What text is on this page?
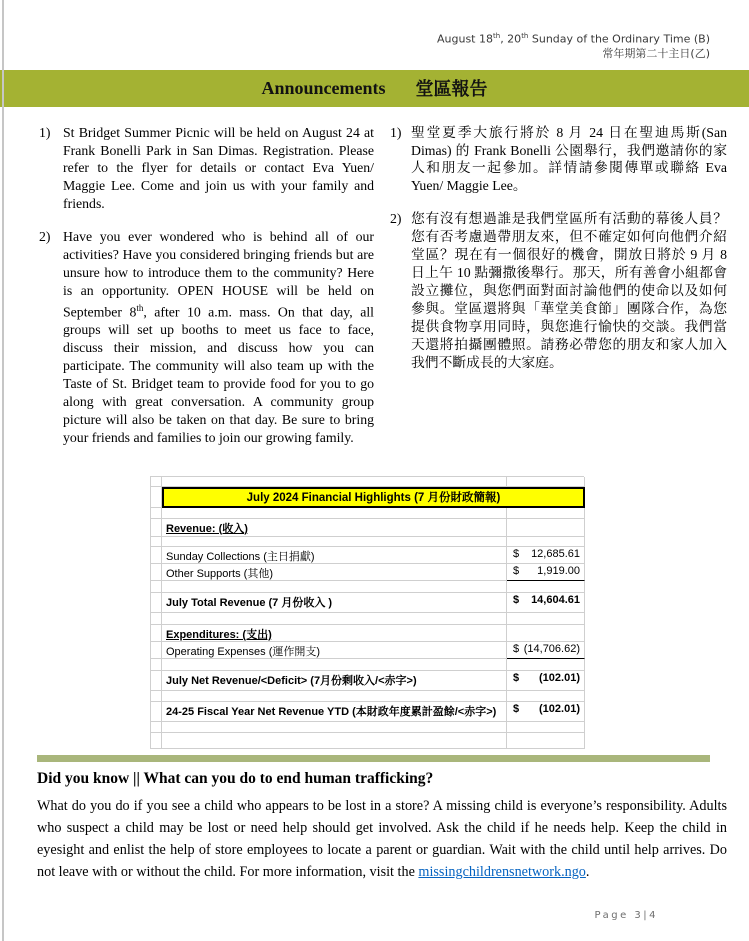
August 18th, 20th Sunday of the Ordinary Time (B)
常年期第二十主日(乙)
Announcements 堂區報告
1) St Bridget Summer Picnic will be held on August 24 at Frank Bonelli Park in San Dimas. Registration. Please refer to the flyer for details or contact Eva Yuen/ Maggie Lee. Come and join us with your family and friends.

2) Have you ever wondered who is behind all of our activities? Have you considered bringing friends but are unsure how to introduce them to the community? Here is an opportunity. OPEN HOUSE will be held on September 8th, after 10 a.m. mass. On that day, all groups will set up booths to meet us face to face, discuss their mission, and discuss how you can participate. The community will also team up with the Taste of St. Bridget team to provide food for you to go along with great conversation. A community group picture will also be taken on that day. Be sure to bring your friends and families to join our growing family.

1) 聖堂夏季大旅行將於 8 月 24 日在聖迪馬斯(San Dimas) 的 Frank Bonelli 公園舉行，我們邀請你的家人和朋友一起參加。詳情請參閱傳單或聯絡 Eva Yuen/ Maggie Lee。

2) 您有沒有想過誰是我們堂區所有活動的幕後人員？您有否考慮過帶朋友來，但不確定如何向他們介紹堂區？現在有一個很好的機會，開放日將於 9 月 8 日上午 10 點彌撒後舉行。那天，所有善會小組都會設立攤位，與您們面對面討論他們的使命以及如何參與。堂區還將與「華堂美食節」團隊合作，為您提供食物享用同時，與您進行愉快的交談。我們當天還將拍攝團體照。請務必帶您的朋友和家人加入我們不斷成長的大家庭。

July 2024 Financial Highlights (7 月份財政簡報)
Revenue: (收入)
Sunday Collections (主日捐獻)	$ 12,685.61
Other Supports (其他)	$ 1,919.00
July Total Revenue (7 月份收入 )	$ 14,604.61
Expenditures: (支出)
Operating Expenses (運作開支)	$ (14,706.62)
July Net Revenue/<Deficit> (7月份剩收入/<赤字>)	$ (102.01)
24-25 Fiscal Year Net Revenue YTD (本財政年度累計盈餘/<赤字>)	$ (102.01)
Did you know || What can you do to end human trafficking?

What do you do if you see a child who appears to be lost in a store? A missing child is everyone’s responsibility. Adults who suspect a child may be lost or need help should get involved. Ask the child if he needs help. Keep the child in eyesight and enlist the help of store employees to locate a parent or guardian. Wait with the child until help arrives. Do not leave with or without the child. For more information, visit the missingchildrensnetwork.ngo.

Page 3|4
